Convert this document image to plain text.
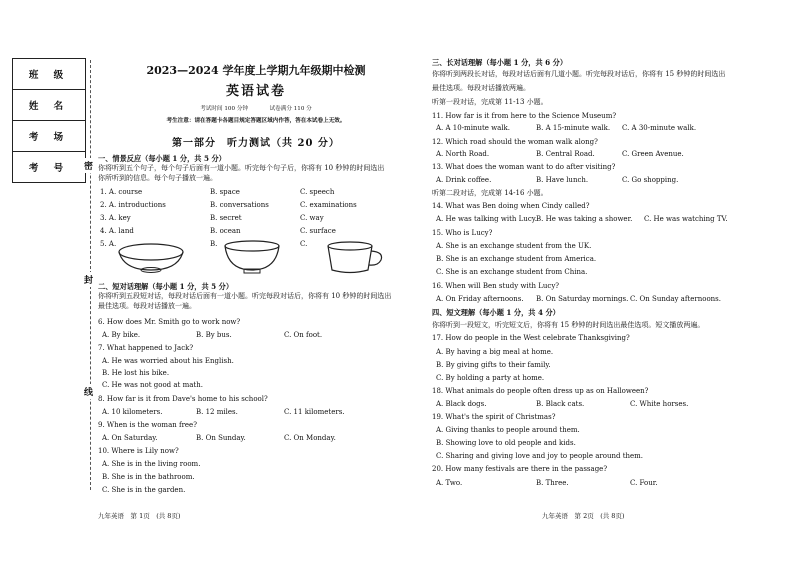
班 级
姓 名
考 场
考 号	密
封
线
2023—2024 学年度上学期九年级期中检测
英语试卷
考试时间 100 分钟	试卷满分 110 分
考生注意：请在答题卡各题目规定答题区域内作答，答在本试卷上无效。
第一部分　听力测试（共 20 分）
一、情景反应（每小题 1 分，共 5 分）
你将听到五个句子，每个句子后面有一道小题。听完每个句子后，你将有 10 秒钟的时间选出
你所听到的信息。每个句子播放一遍。
1. A. course	B. space	C. speech
2. A. introductions	B. conversations	C. examinations
3. A. key	B. secret	C. way
4. A. land	B. ocean	C. surface
5. A.	B.	C.
二、短对话理解（每小题 1 分，共 5 分）
你将听到五段短对话，每段对话后面有一道小题。听完每段对话后，你将有 10 秒钟的时间选出
最佳选项。每段对话播放一遍。
6. How does Mr. Smith go to work now?
A. By bike.	B. By bus.	C. On foot.
7. What happened to Jack?
A. He was worried about his English.
B. He lost his bike.
C. He was not good at math.
8. How far is it from Dave's home to his school?
A. 10 kilometers.	B. 12 miles.	C. 11 kilometers.
9. When is the woman free?
A. On Saturday.	B. On Sunday.	C. On Monday.
10. Where is Lily now?
A. She is in the living room.
B. She is in the bathroom.
C. She is in the garden.
九年英语　第 1页　(共 8页)
三、长对话理解（每小题 1 分，共 6 分）
你将听到两段长对话，每段对话后面有几道小题。听完每段对话后，你将有 15 秒钟的时间选出
最佳选项。每段对话播放两遍。
听第一段对话，完成第 11-13 小题。
11. How far is it from here to the Science Museum?
A. A 10-minute walk.	B. A 15-minute walk. C. A 30-minute walk.
12. Which road should the woman walk along?
A. North Road.	B. Central Road.	C. Green Avenue.
13. What does the woman want to do after visiting?
A. Drink coffee.	B. Have lunch.	C. Go shopping.
听第二段对话，完成第 14-16 小题。
14. What was Ben doing when Cindy called?
A. He was talking with Lucy. B. He was taking a shower. C. He was watching TV.
15. Who is Lucy?
A. She is an exchange student from the UK.
B. She is an exchange student from America.
C. She is an exchange student from China.
16. When will Ben study with Lucy?
A. On Friday afternoons. B. On Saturday mornings. C. On Sunday afternoons.
四、短文理解（每小题 1 分，共 4 分）
你将听到一段短文，听完短文后，你将有 15 秒钟的时间选出最佳选项。短文播放两遍。
17. How do people in the West celebrate Thanksgiving?
A. By having a big meal at home.
B. By giving gifts to their family.
C. By holding a party at home.
18. What animals do people often dress up as on Halloween?
A. Black dogs.	B. Black cats.	C. White horses.
19. What's the spirit of Christmas?
A. Giving thanks to people around them.
B. Showing love to old people and kids.
C. Sharing and giving love and joy to people around them.
20. How many festivals are there in the passage?
A. Two.	B. Three.	C. Four.
九年英语　第 2页　(共 8页)
